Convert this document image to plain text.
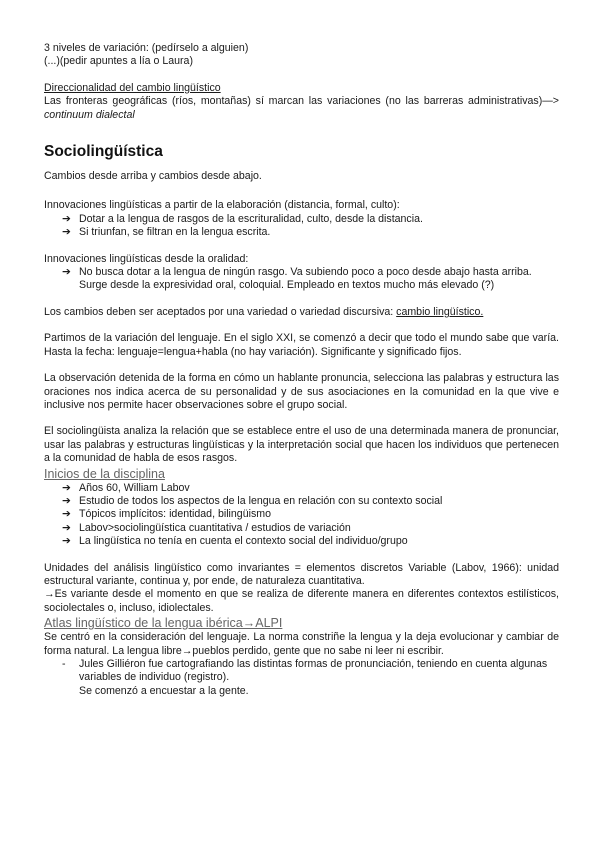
3 niveles de variación: (pedírselo a alguien)

(...)(pedir apuntes a lía o Laura)

Direccionalidad del cambio lingüístico

Las fronteras geográficas (ríos, montañas) sí marcan las variaciones (no las barreras administrativas)—> continuum dialectal

Sociolingüística

Cambios desde arriba y cambios desde abajo.

Innovaciones lingüísticas a partir de la elaboración (distancia, formal, culto):

➔ Dotar a la lengua de rasgos de la escrituralidad, culto, desde la distancia.
➔ Si triunfan, se filtran en la lengua escrita.

Innovaciones lingüísticas desde la oralidad:

➔ No busca dotar a la lengua de ningún rasgo. Va subiendo poco a poco desde abajo hasta arriba. Surge desde la expresividad oral, coloquial. Empleado en textos mucho más elevado (?)

Los cambios deben ser aceptados por una variedad o variedad discursiva: cambio lingüístico.

Partimos de la variación del lenguaje. En el siglo XXI, se comenzó a decir que todo el mundo sabe que varía. Hasta la fecha: lenguaje=lengua+habla (no hay variación). Significante y significado fijos.

La observación detenida de la forma en cómo un hablante pronuncia, selecciona las palabras y estructura las oraciones nos indica acerca de su personalidad y de sus asociaciones en la comunidad en la que vive e inclusive nos permite hacer observaciones sobre el grupo social.

El sociolingüista analiza la relación que se establece entre el uso de una determinada manera de pronunciar, usar las palabras y estructuras lingüísticas y la interpretación social que hacen los individuos que pertenecen a la comunidad de habla de esos rasgos.

Inicios de la disciplina
➔ Años 60, William Labov
➔ Estudio de todos los aspectos de la lengua en relación con su contexto social
➔ Tópicos implícitos: identidad, bilingüismo
➔ Labov>sociolingüística cuantitativa / estudios de variación
➔ La lingüística no tenía en cuenta el contexto social del individuo/grupo

Unidades del análisis lingüístico como invariantes = elementos discretos Variable (Labov, 1966): unidad estructural variante, continua y, por ende, de naturaleza cuantitativa.

→Es variante desde el momento en que se realiza de diferente manera en diferentes contextos estilísticos, sociolectales o, incluso, idiolectales.

Atlas lingüístico de la lengua ibérica→ALPI

Se centró en la consideración del lenguaje. La norma constriñe la lengua y la deja evolucionar y cambiar de forma natural. La lengua libre→pueblos perdido, gente que no sabe ni leer ni escribir.

- Jules Gilliéron fue cartografiando las distintas formas de pronunciación, teniendo en cuenta algunas variables de individuo (registro).
Se comenzó a encuestar a la gente.
